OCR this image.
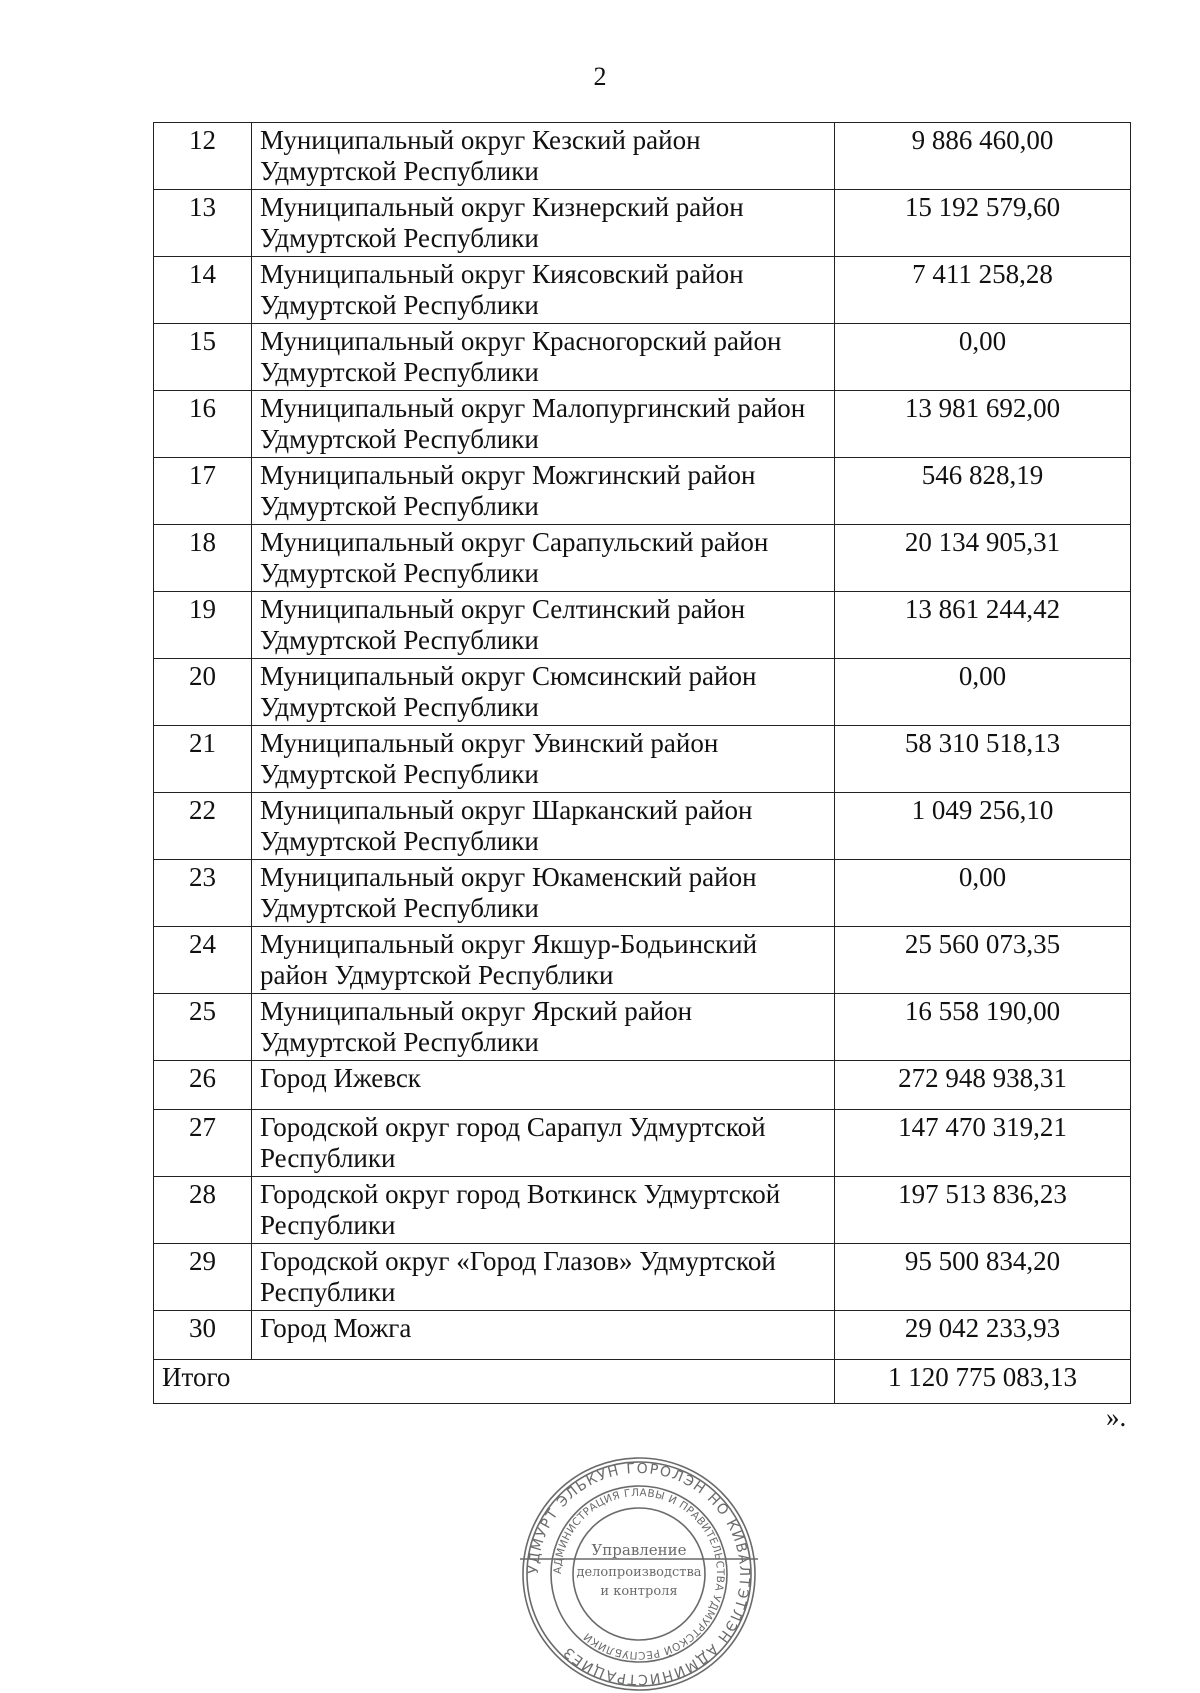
2
12	Муниципальный округ Кезский район Удмуртской Республики	9 886 460,00
13	Муниципальный округ Кизнерский район Удмуртской Республики	15 192 579,60
14	Муниципальный округ Киясовский район Удмуртской Республики	7 411 258,28
15	Муниципальный округ Красногорский район Удмуртской Республики	0,00
16	Муниципальный округ Малопургинский район Удмуртской Республики	13 981 692,00
17	Муниципальный округ Можгинский район Удмуртской Республики	546 828,19
18	Муниципальный округ Сарапульский район Удмуртской Республики	20 134 905,31
19	Муниципальный округ Селтинский район Удмуртской Республики	13 861 244,42
20	Муниципальный округ Сюмсинский район Удмуртской Республики	0,00
21	Муниципальный округ Увинский район Удмуртской Республики	58 310 518,13
22	Муниципальный округ Шарканский район Удмуртской Республики	1 049 256,10
23	Муниципальный округ Юкаменский район Удмуртской Республики	0,00
24	Муниципальный округ Якшур-Бодьинский район Удмуртской Республики	25 560 073,35
25	Муниципальный округ Ярский район Удмуртской Республики	16 558 190,00
26	Город Ижевск	272 948 938,31
27	Городской округ город Сарапул Удмуртской Республики	147 470 319,21
28	Городской округ город Воткинск Удмуртской Республики	197 513 836,23
29	Городской округ «Город Глазов» Удмуртской Республики	95 500 834,20
30	Город Можга	29 042 233,93
Итого		1 120 775 083,13
».
УДМУРТ ЭЛЬКУН ГОРОЛЭН НО КИВАЛТЭТЛЭН АДМИНИСТРАЦИЕЗ
АДМИНИСТРАЦИЯ ГЛАВЫ И ПРАВИТЕЛЬСТВА УДМУРТСКОЙ РЕСПУБЛИКИ
Управление
делопроизводства
и контроля
